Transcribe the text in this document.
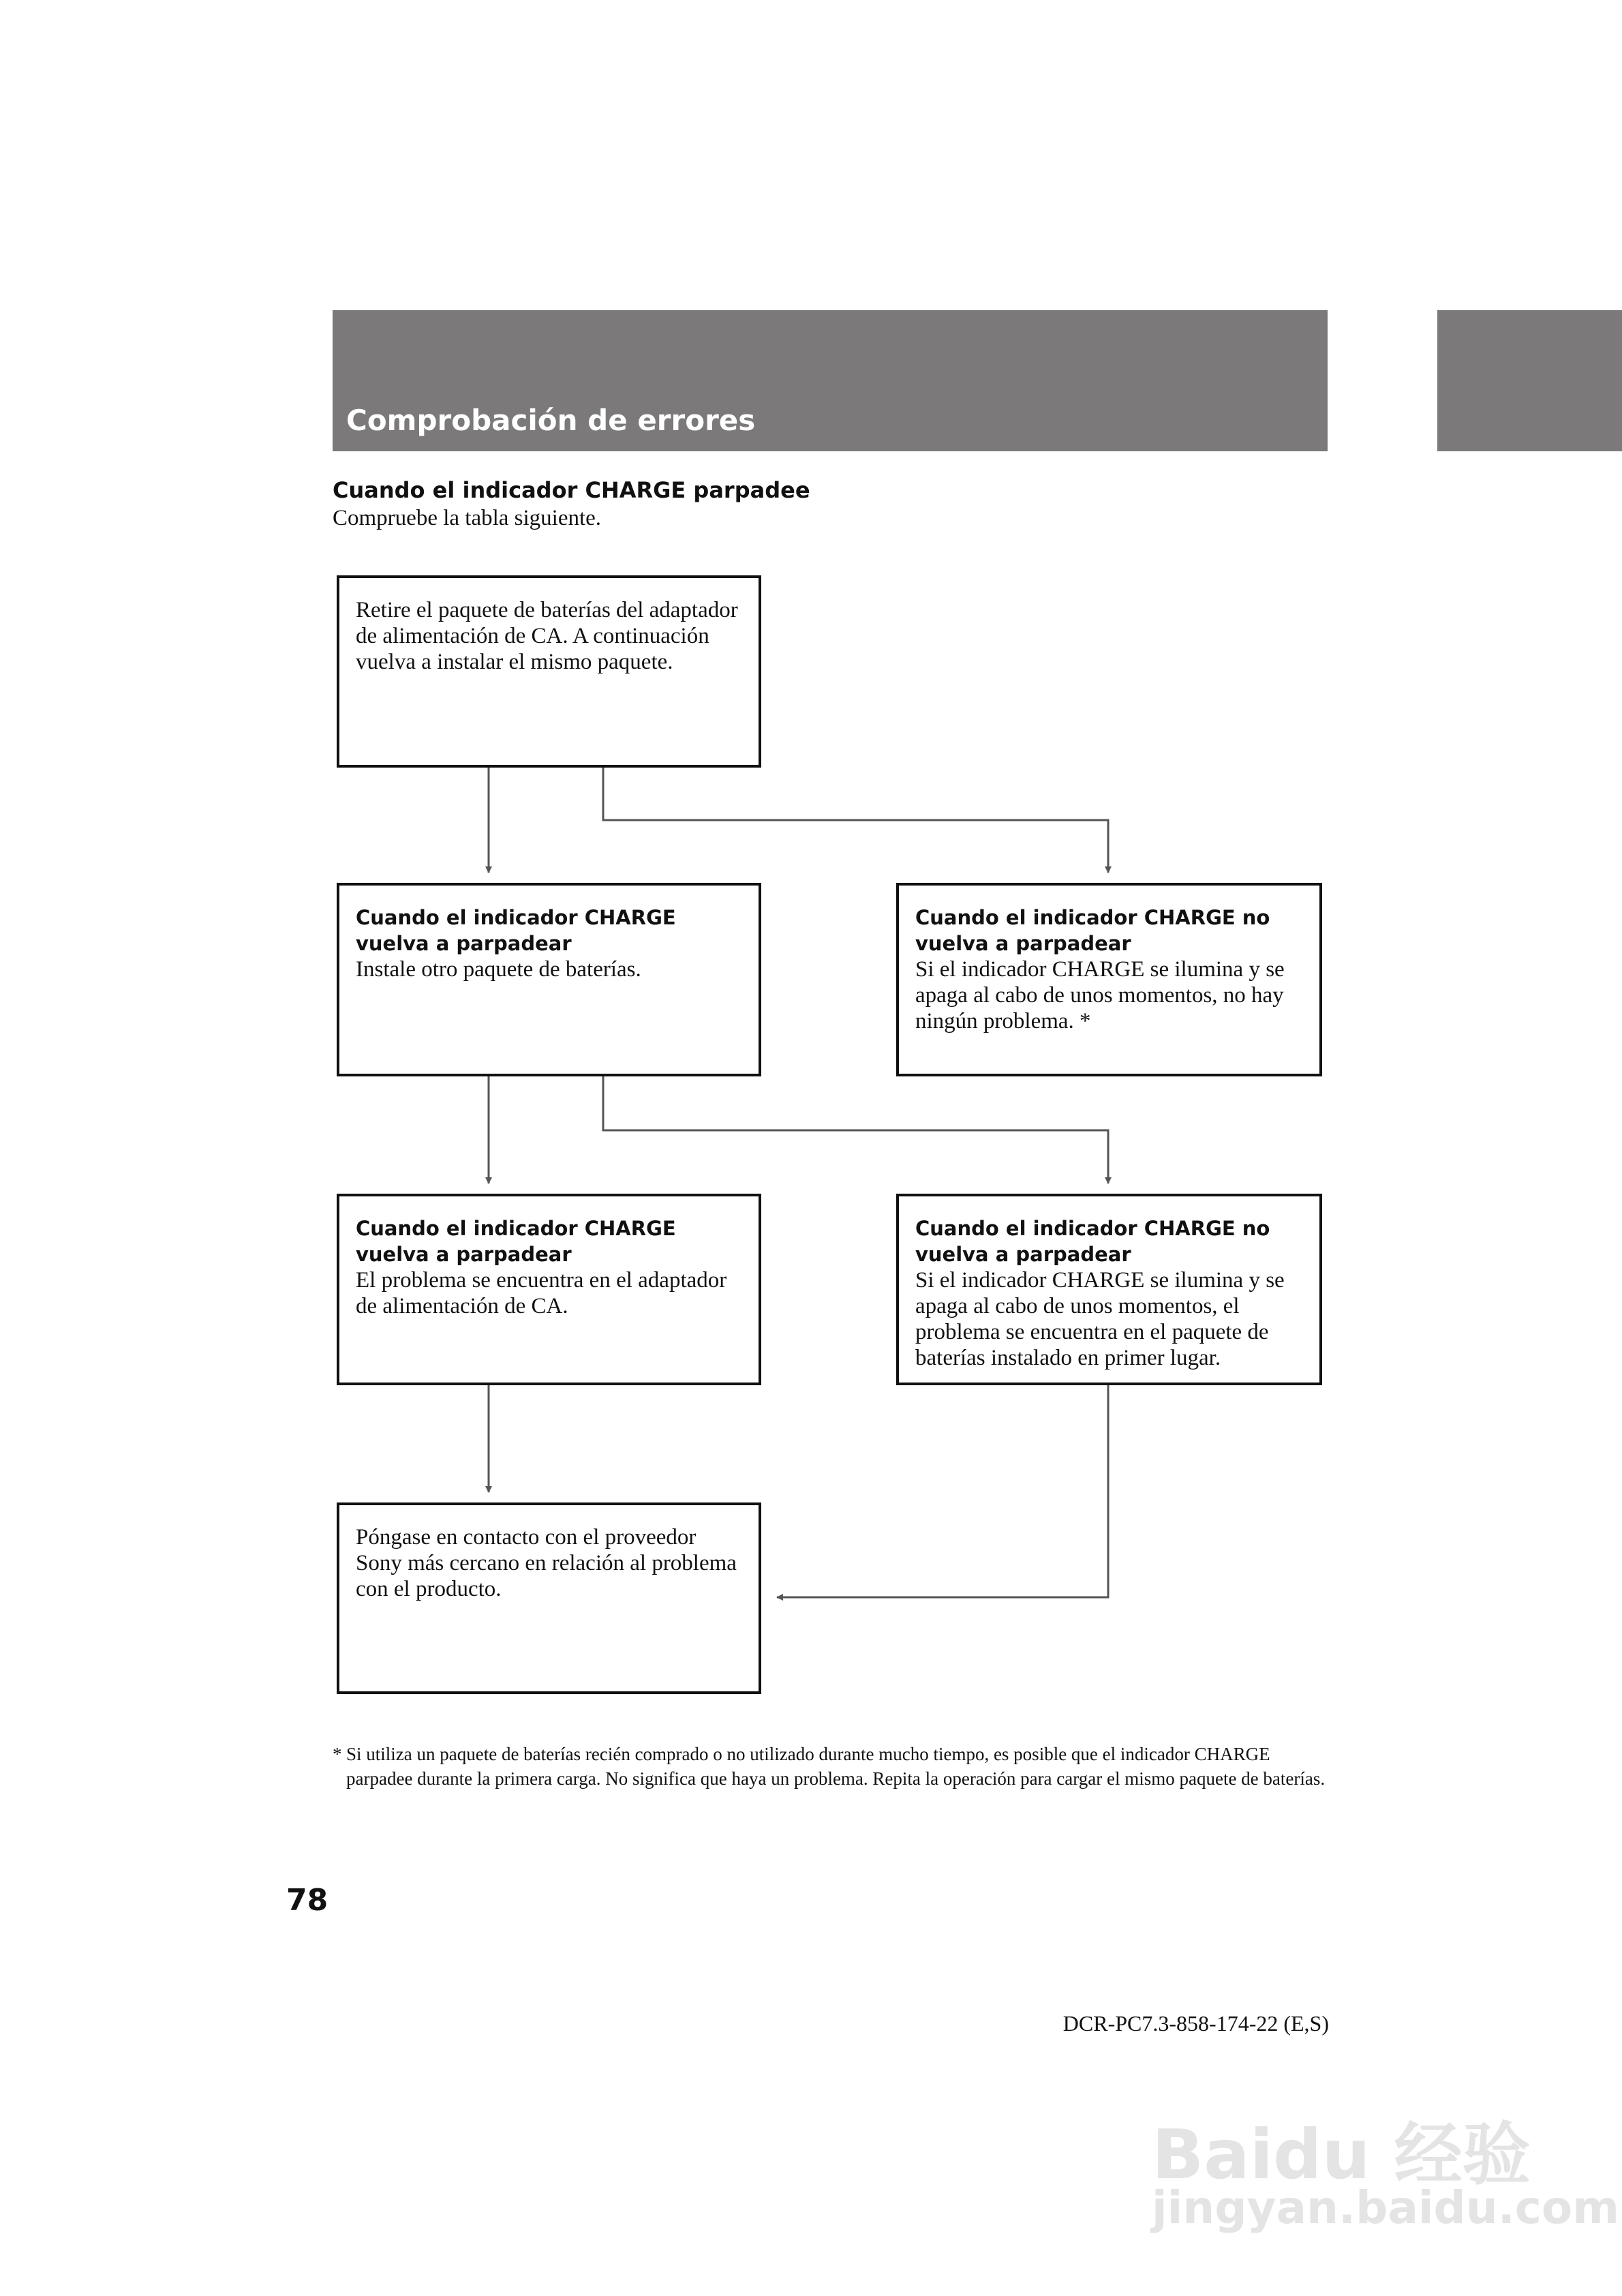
Comprobación de errores
Cuando el indicador CHARGE parpadee
Compruebe la tabla siguiente.
Retire el paquete de baterías del adaptador de alimentación de CA. A continuación vuelva a instalar el mismo paquete.
Cuando el indicador CHARGE vuelva a parpadear
Instale otro paquete de baterías.
Cuando el indicador CHARGE no vuelva a parpadear
Si el indicador CHARGE se ilumina y se apaga al cabo de unos momentos, no hay ningún problema. *
Cuando el indicador CHARGE vuelva a parpadear
El problema se encuentra en el adaptador de alimentación de CA.
Cuando el indicador CHARGE no vuelva a parpadear
Si el indicador CHARGE se ilumina y se apaga al cabo de unos momentos, el problema se encuentra en el paquete de baterías instalado en primer lugar.
Póngase en contacto con el proveedor Sony más cercano en relación al problema con el producto.
* Si utiliza un paquete de baterías recién comprado o no utilizado durante mucho tiempo, es posible que el indicador CHARGE parpadee durante la primera carga. No significa que haya un problema. Repita la operación para cargar el mismo paquete de baterías.
78
DCR-PC7.3-858-174-22 (E,S)
Baidu 经验
jingyan.baidu.com
